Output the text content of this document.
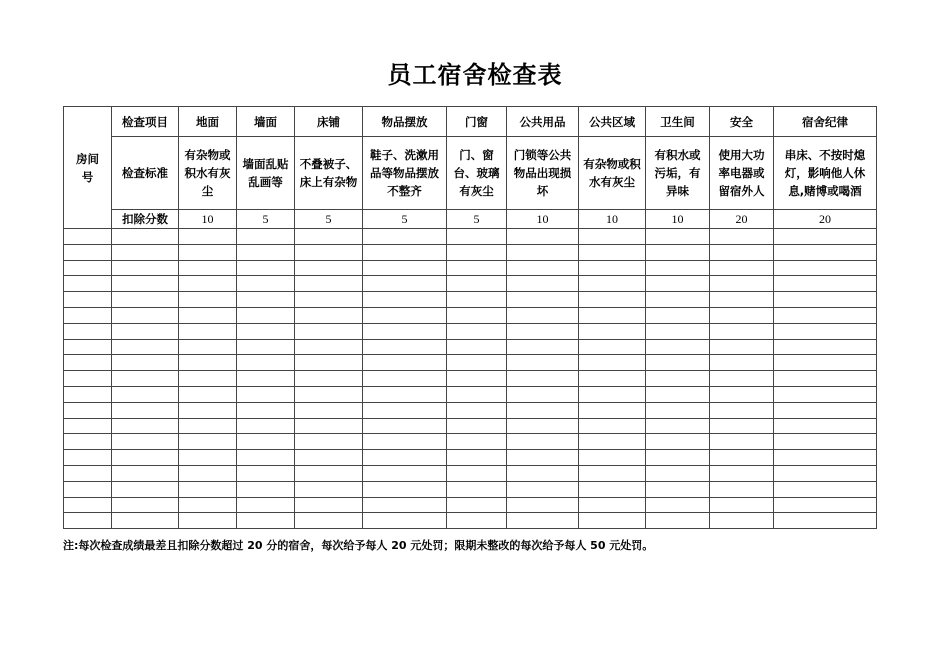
员工宿舍检查表
房间号	检查项目	地面	墙面	床铺	物品摆放	门窗	公共用品	公共区域	卫生间	安全	宿舍纪律
	检查标准	有杂物或积水有灰尘	墙面乱贴乱画等	不叠被子、床上有杂物	鞋子、洗漱用品等物品摆放不整齐	门、窗台、玻璃有灰尘	门锁等公共物品出现损坏	有杂物或积水有灰尘	有积水或污垢，有异味	使用大功率电器或留宿外人	串床、不按时熄灯，影响他人休息,赌博或喝酒
	扣除分数	10	5	5	5	5	10	10	10	20	20

注:每次检查成绩最差且扣除分数超过 20 分的宿舍，每次给予每人 20 元处罚；限期未整改的每次给予每人 50 元处罚。
